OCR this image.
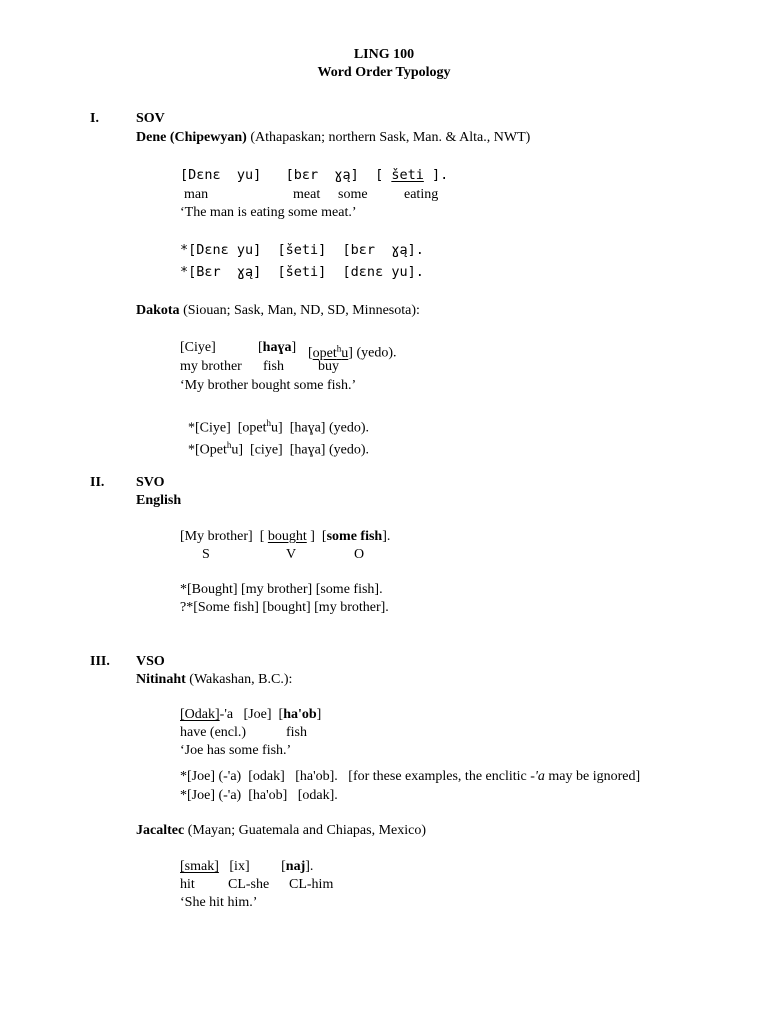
LING 100
Word Order Typology
I.	SOV
Dene (Chipewyan) (Athapaskan; northern Sask, Man. & Alta., NWT)
[Dɛnɛ  yu]   [bɛr  ɣą]  [ šeti ].
man	meat some	eating
‘The man is eating some meat.’
*[Dɛnɛ yu]  [šeti]  [bɛr  ɣą].
*[Bɛr  ɣą]  [šeti]  [dɛnɛ yu].
Dakota (Siouan; Sask, Man, ND, SD, Minnesota):
[Ciye]	[haɣa] [opet$^h$u] (yedo).
my brother fish buy
‘My brother bought some fish.’
*[Ciye]  [opet$^h$u]  [haɣa] (yedo).
*[Opet$^h$u]  [ciye]  [haɣa] (yedo).
II. SVO
English
[My brother]  [ bought ]  [some fish].
S	V	O
*[Bought] [my brother] [some fish].
?*[Some fish] [bought] [my brother].
III. VSO
Nitinaht (Wakashan, B.C.):
[Odak]-'a   [Joe]  [ha'ob]
have (encl.)	fish
‘Joe has some fish.’
*[Joe] (-'a)  [odak]   [ha'ob].   [for these examples, the enclitic -'a may be ignored]
*[Joe] (-'a)  [ha'ob]   [odak].
Jacaltec (Mayan; Guatemala and Chiapas, Mexico)
[smak]   [ix]         [naj].
hit CL-she CL-him
‘She hit him.’
